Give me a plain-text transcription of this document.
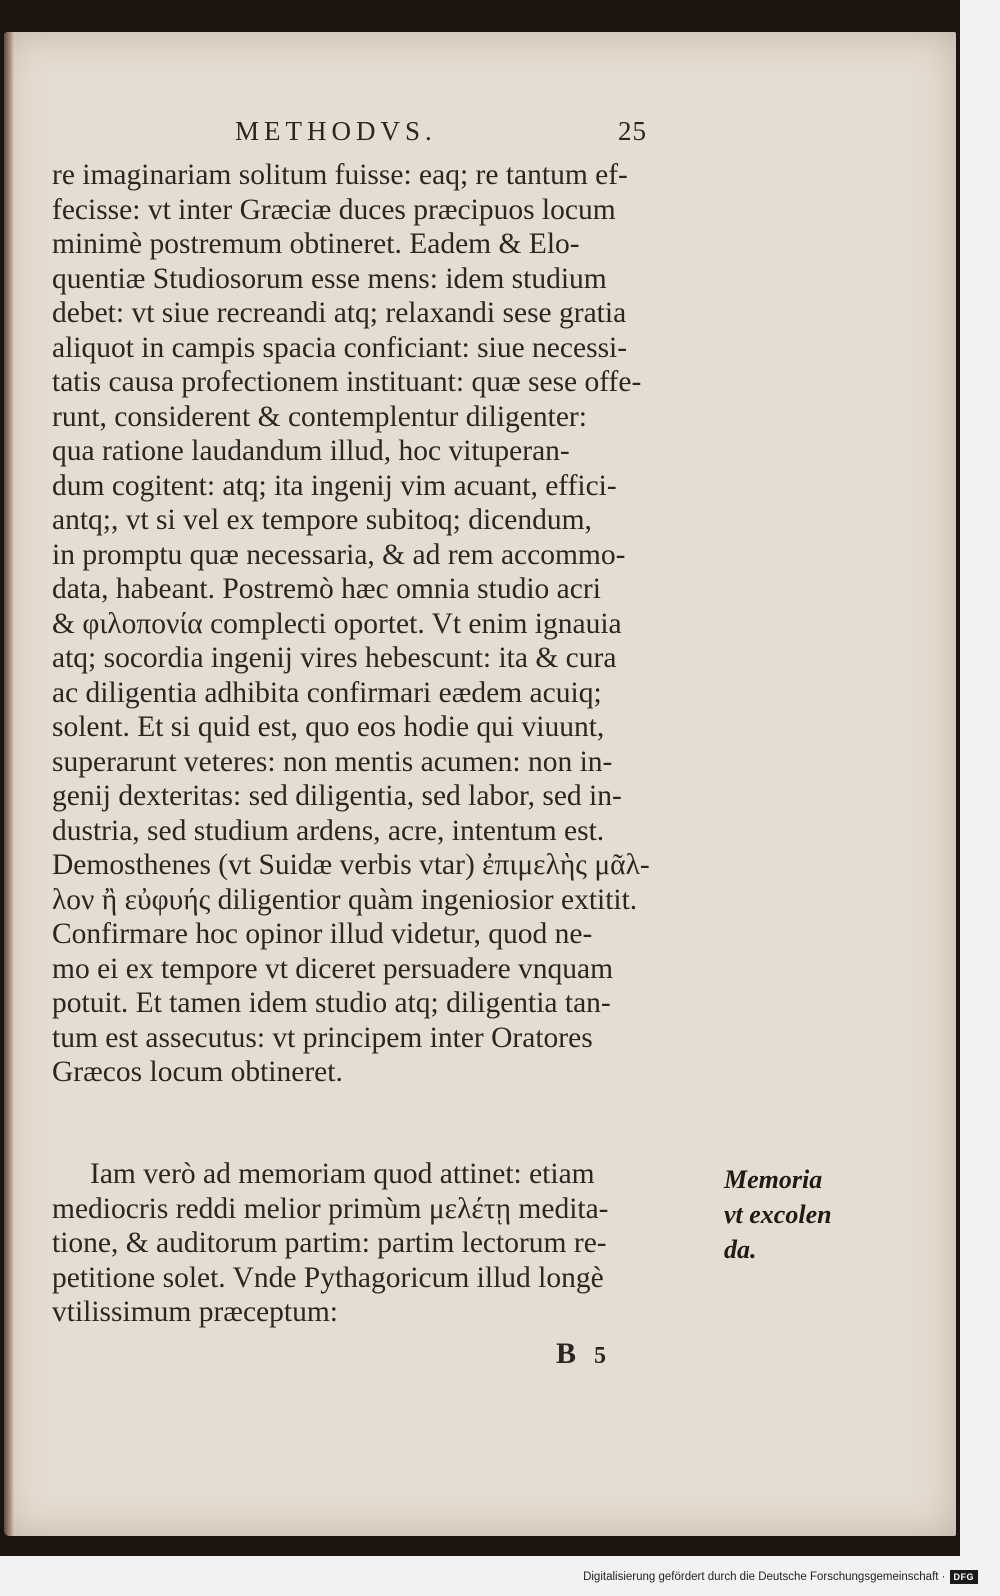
METHODVS.	25
re imaginariam solitum fuisse: eaq; re tantum ef-
fecisse: vt inter Græciæ duces præcipuos locum
minimè postremum obtineret. Eadem & Elo-
quentiæ Studiosorum esse mens: idem studium
debet: vt siue recreandi atq; relaxandi sese gratia
aliquot in campis spacia conficiant: siue necessi-
tatis causa profectionem instituant: quæ sese offe-
runt, considerent & contemplentur diligenter:
qua ratione laudandum illud, hoc vituperan-
dum cogitent: atq; ita ingenij vim acuant, effici-
antq;, vt si vel ex tempore subitoq; dicendum,
in promptu quæ necessaria, & ad rem accommo-
data, habeant. Postremò hæc omnia studio acri
& φιλοπονία complecti oportet. Vt enim ignauia
atq; socordia ingenij vires hebescunt: ita & cura
ac diligentia adhibita confirmari eædem acuiq;
solent. Et si quid est, quo eos hodie qui viuunt,
superarunt veteres: non mentis acumen: non in-
genij dexteritas: sed diligentia, sed labor, sed in-
dustria, sed studium ardens, acre, intentum est.
Demosthenes (vt Suidæ verbis vtar) ἐπιμελὴς μᾶλ-
λον ἢ εὐφυής diligentior quàm ingeniosior extitit.
Confirmare hoc opinor illud videtur, quod ne-
mo ei ex tempore vt diceret persuadere vnquam
potuit. Et tamen idem studio atq; diligentia tan-
tum est assecutus: vt principem inter Oratores
Græcos locum obtineret.
Iam verò ad memoriam quod attinet: etiam
mediocris reddi melior primùm μελέτῃ medita-
tione, & auditorum partim: partim lectorum re-
petitione solet. Vnde Pythagoricum illud longè
vtilissimum præceptum:
Memoria
vt excolen
da.
B5
Digitalisierung gefördert durch die Deutsche Forschungsgemeinschaft · DFG
